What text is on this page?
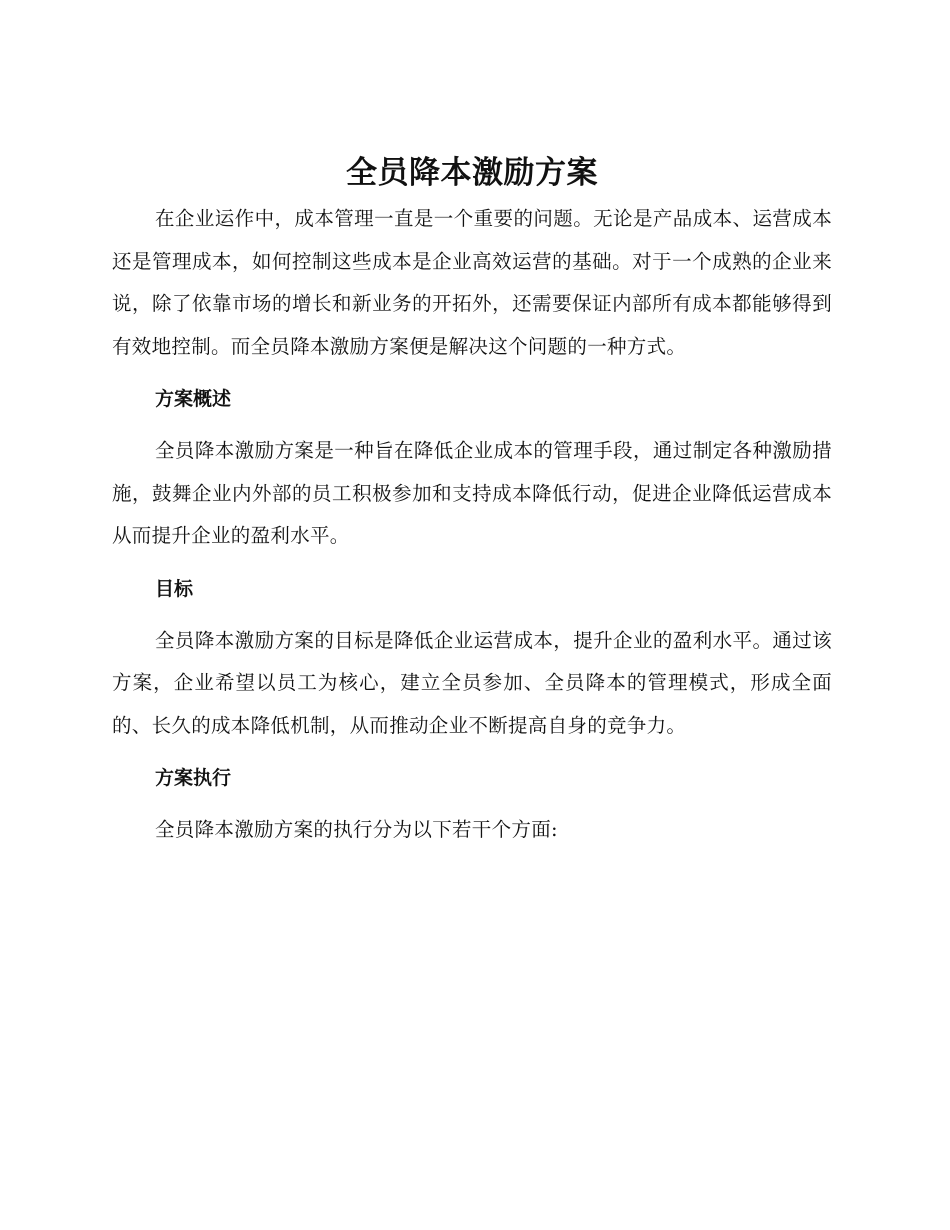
全员降本激励方案

在企业运作中，成本管理一直是一个重要的问题。无论是产品成本、运营成本还是管理成本，如何控制这些成本是企业高效运营的基础。对于一个成熟的企业来说，除了依靠市场的增长和新业务的开拓外，还需要保证内部所有成本都能够得到有效地控制。而全员降本激励方案便是解决这个问题的一种方式。

方案概述

全员降本激励方案是一种旨在降低企业成本的管理手段，通过制定各种激励措施，鼓舞企业内外部的员工积极参加和支持成本降低行动，促进企业降低运营成本从而提升企业的盈利水平。

目标

全员降本激励方案的目标是降低企业运营成本，提升企业的盈利水平。通过该方案，企业希望以员工为核心，建立全员参加、全员降本的管理模式，形成全面的、长久的成本降低机制，从而推动企业不断提高自身的竞争力。

方案执行

全员降本激励方案的执行分为以下若干个方面:
